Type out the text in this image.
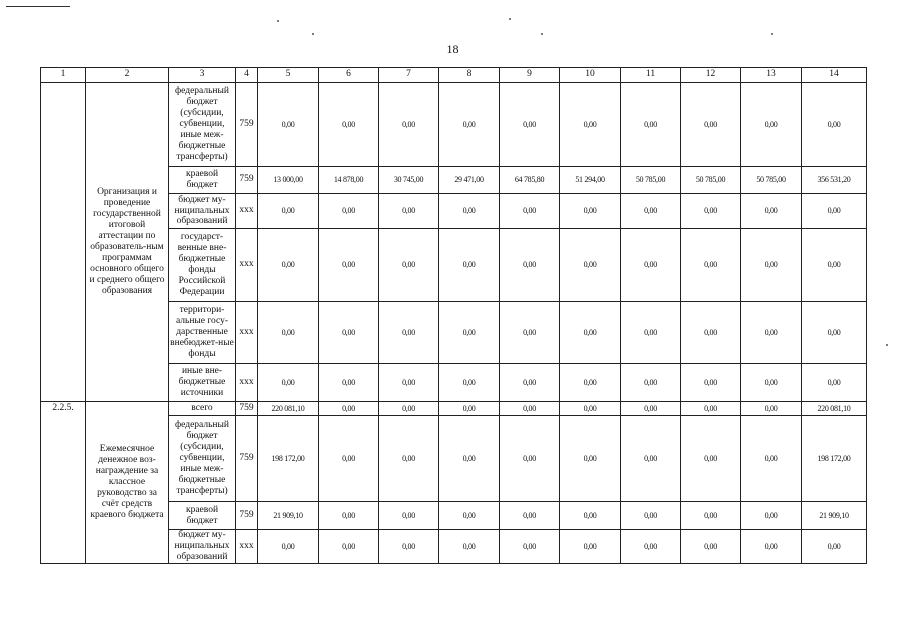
18
1	2	3	4	5	6	7	8	9	10	11	12	13	14
	Организация и проведение государственной итоговой аттестации по образователь-ным программам основного общего и среднего общего образования	федеральный бюджет (субсидии, субвенции, иные меж-бюджетные трансферты)	759	0,00	0,00	0,00	0,00	0,00	0,00	0,00	0,00	0,00	0,00
		краевой бюджет	759	13 000,00	14 878,00	30 745,00	29 471,00	64 785,80	51 294,00	50 785,00	50 785,00	50 785,00	356 531,20
		бюджет му-ниципальных образований	ххх	0,00	0,00	0,00	0,00	0,00	0,00	0,00	0,00	0,00	0,00
		государст-венные вне-бюджетные фонды Российской Федерации	ххх	0,00	0,00	0,00	0,00	0,00	0,00	0,00	0,00	0,00	0,00
		территори-альные госу-дарственные внебюджет-ные фонды	ххх	0,00	0,00	0,00	0,00	0,00	0,00	0,00	0,00	0,00	0,00
		иные вне-бюджетные источники	ххх	0,00	0,00	0,00	0,00	0,00	0,00	0,00	0,00	0,00	0,00
2.2.5.	Ежемесячное денежное воз-награждение за классное руководство за счёт средств краевого бюджета	всего	759	220 081,10	0,00	0,00	0,00	0,00	0,00	0,00	0,00	0,00	220 081,10
		федеральный бюджет (субсидии, субвенции, иные меж-бюджетные трансферты)	759	198 172,00	0,00	0,00	0,00	0,00	0,00	0,00	0,00	0,00	198 172,00
		краевой бюджет	759	21 909,10	0,00	0,00	0,00	0,00	0,00	0,00	0,00	0,00	21 909,10
		бюджет му-ниципальных образований	ххх	0,00	0,00	0,00	0,00	0,00	0,00	0,00	0,00	0,00	0,00
